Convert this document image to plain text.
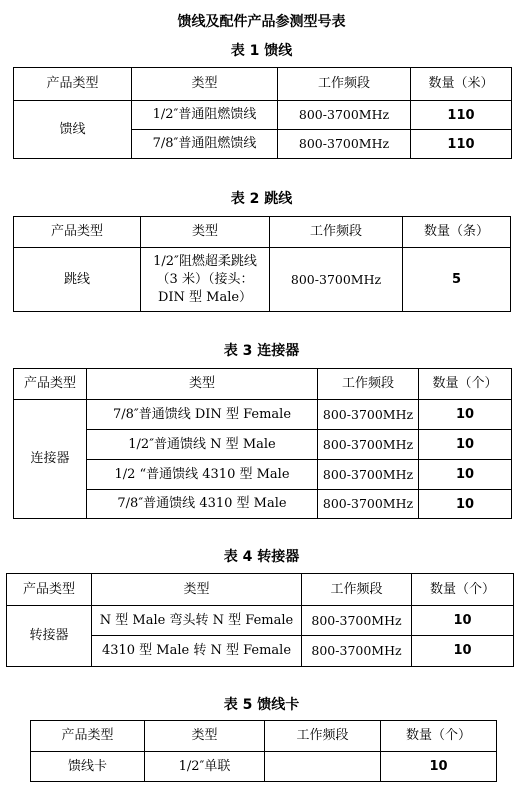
馈线及配件产品参测型号表
表 1 馈线
产品类型	类型	工作频段	数量（米）
馈线	1/2″普通阻燃馈线	800-3700MHz	110
	7/8″普通阻燃馈线	800-3700MHz	110
表 2 跳线
产品类型	类型	工作频段	数量（条）
跳线	1/2″阻燃超柔跳线（3 米）（接头：DIN 型 Male）	800-3700MHz	5
表 3 连接器
产品类型	类型	工作频段	数量（个）
连接器	7/8″普通馈线 DIN 型 Female	800-3700MHz	10
	1/2″普通馈线 N 型 Male	800-3700MHz	10
	1/2 “普通馈线 4310 型 Male	800-3700MHz	10
	7/8″普通馈线 4310 型 Male	800-3700MHz	10
表 4 转接器
产品类型	类型	工作频段	数量（个）
转接器	N 型 Male 弯头转 N 型 Female	800-3700MHz	10
	4310 型 Male 转 N 型 Female	800-3700MHz	10
表 5 馈线卡
产品类型	类型	工作频段	数量（个）
馈线卡	1/2″单联		10
